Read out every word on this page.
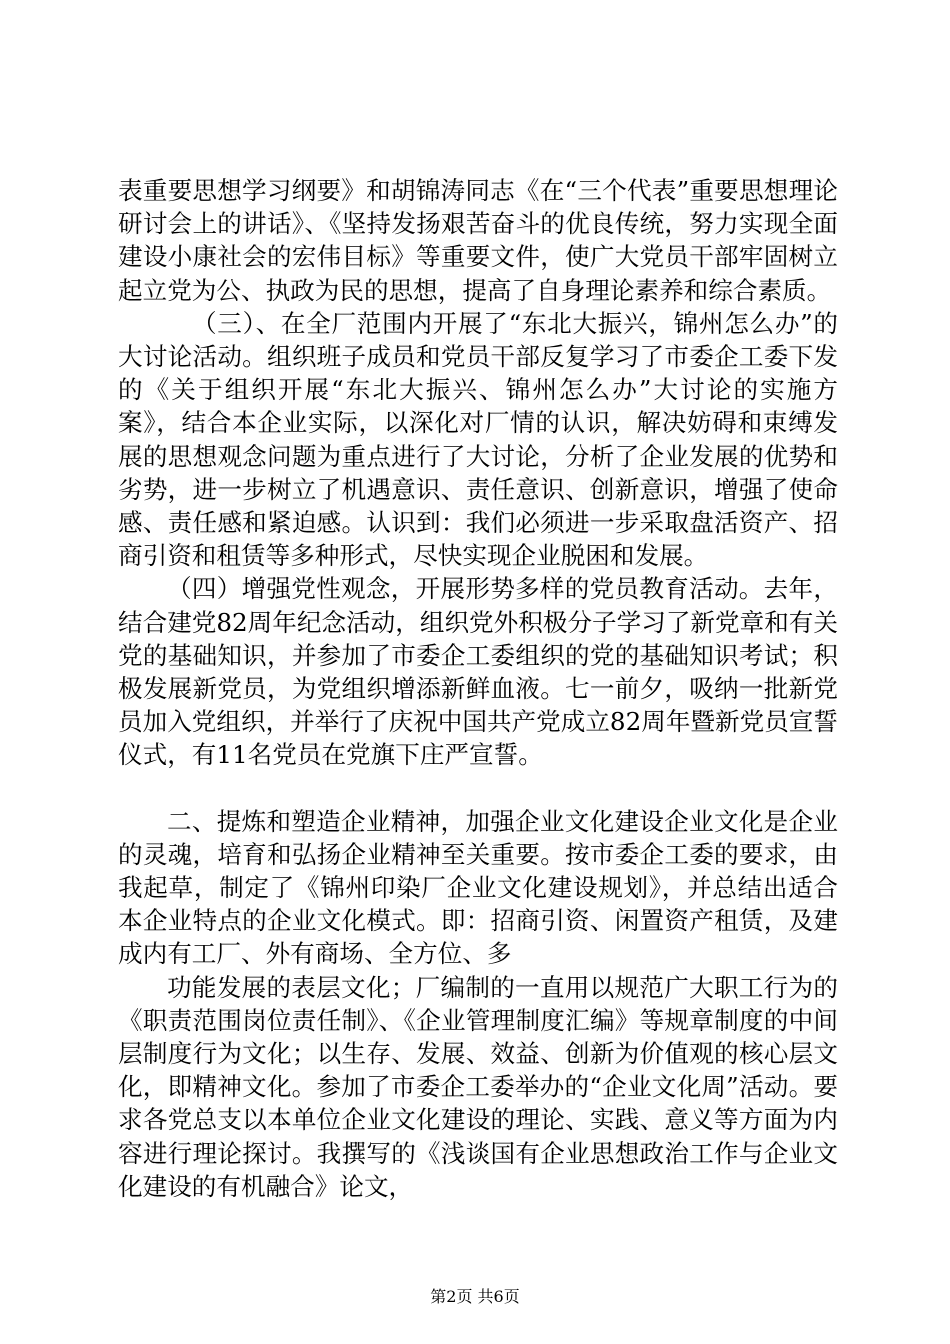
表重要思想学习纲要》和胡锦涛同志《在“三个代表”重要思想理论研讨会上的讲话》、《坚持发扬艰苦奋斗的优良传统，努力实现全面建设小康社会的宏伟目标》等重要文件，使广大党员干部牢固树立起立党为公、执政为民的思想，提高了自身理论素养和综合素质。

（三）、在全厂范围内开展了“东北大振兴，锦州怎么办”的大讨论活动。组织班子成员和党员干部反复学习了市委企工委下发的《关于组织开展“东北大振兴、锦州怎么办”大讨论的实施方案》，结合本企业实际，以深化对厂情的认识，解决妨碍和束缚发展的思想观念问题为重点进行了大讨论，分析了企业发展的优势和劣势，进一步树立了机遇意识、责任意识、创新意识，增强了使命感、责任感和紧迫感。认识到：我们必须进一步采取盘活资产、招商引资和租赁等多种形式，尽快实现企业脱困和发展。

（四）增强党性观念，开展形势多样的党员教育活动。去年，结合建党82周年纪念活动，组织党外积极分子学习了新党章和有关党的基础知识，并参加了市委企工委组织的党的基础知识考试；积极发展新党员，为党组织增添新鲜血液。七一前夕，吸纳一批新党员加入党组织，并举行了庆祝中国共产党成立82周年暨新党员宣誓仪式，有11名党员在党旗下庄严宣誓。

二、提炼和塑造企业精神，加强企业文化建设企业文化是企业的灵魂，培育和弘扬企业精神至关重要。按市委企工委的要求，由我起草，制定了《锦州印染厂企业文化建设规划》，并总结出适合本企业特点的企业文化模式。即：招商引资、闲置资产租赁，及建成内有工厂、外有商场、全方位、多

功能发展的表层文化；厂编制的一直用以规范广大职工行为的《职责范围岗位责任制》、《企业管理制度汇编》等规章制度的中间层制度行为文化；以生存、发展、效益、创新为价值观的核心层文化，即精神文化。参加了市委企工委举办的“企业文化周”活动。要求各党总支以本单位企业文化建设的理论、实践、意义等方面为内容进行理论探讨。我撰写的《浅谈国有企业思想政治工作与企业文化建设的有机融合》论文，

第2页 共6页
